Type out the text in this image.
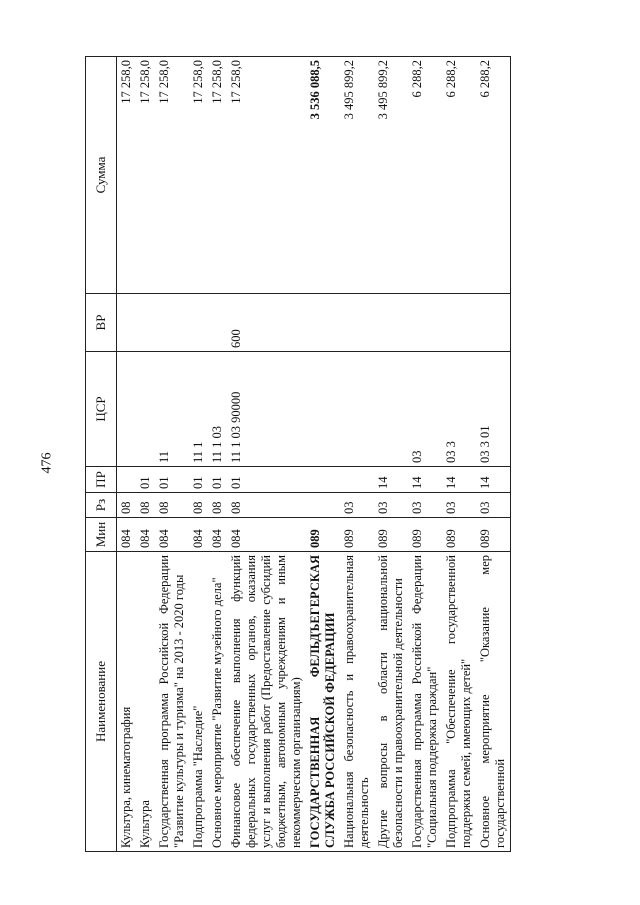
476
Наименование	Мин	Рз	ПР	ЦСР	ВР	Сумма
Культура, кинематография	084	08				17 258,0
Культура	084	08	01			17 258,0
Государственная программа Российской Федерации "Развитие культуры и туризма" на 2013 - 2020 годы	084	08	01	11		17 258,0
Подпрограмма "Наследие"	084	08	01	11 1		17 258,0
Основное мероприятие "Развитие музейного дела"	084	08	01	11 1 03		17 258,0
Финансовое обеспечение выполнения функций федеральных государственных органов, оказания услуг и выполнения работ (Предоставление субсидий бюджетным, автономным учреждениям и иным некоммерческим организациям)	084	08	01	11 1 03 90000	600	17 258,0
ГОСУДАРСТВЕННАЯ ФЕЛЬДЪЕГЕРСКАЯ СЛУЖБА РОССИЙСКОЙ ФЕДЕРАЦИИ	089					3 536 088,5
Национальная безопасность и правоохранительная деятельность	089	03				3 495 899,2
Другие вопросы в области национальной безопасности и правоохранительной деятельности	089	03	14			3 495 899,2
Государственная программа Российской Федерации "Социальная поддержка граждан"	089	03	14	03		6 288,2
Подпрограмма "Обеспечение государственной поддержки семей, имеющих детей"	089	03	14	03 3		6 288,2
Основное мероприятие "Оказание мер государственной	089	03	14	03 3 01		6 288,2
